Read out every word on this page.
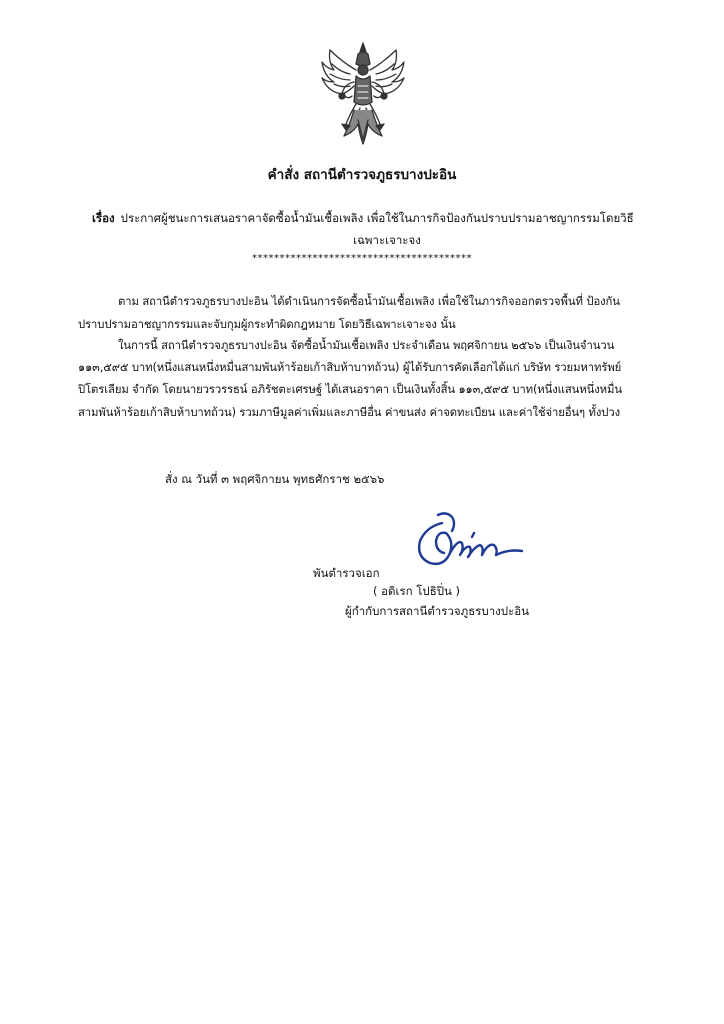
คำสั่ง สถานีตำรวจภูธรบางปะอิน
เรื่อง ประกาศผู้ชนะการเสนอราคาจัดซื้อน้ำมันเชื้อเพลิง เพื่อใช้ในภารกิจป้องกันปราบปรามอาชญากรรมโดยวิธี
เฉพาะเจาะจง
****************************************
ตาม สถานีตำรวจภูธรบางปะอิน ได้ดำเนินการจัดซื้อน้ำมันเชื้อเพลิง เพื่อใช้ในภารกิจออกตรวจพื้นที่ ป้องกัน
ปราบปรามอาชญากรรมและจับกุมผู้กระทำผิดกฎหมาย โดยวิธีเฉพาะเจาะจง นั้น
ในการนี้ สถานีตำรวจภูธรบางปะอิน จัดซื้อน้ำมันเชื้อเพลิง ประจำเดือน พฤศจิกายน ๒๕๖๖ เป็นเงินจำนวน
๑๑๓,๕๙๕ บาท(หนึ่งแสนหนึ่งหมื่นสามพันห้าร้อยเก้าสิบห้าบาทถ้วน) ผู้ได้รับการคัดเลือกได้แก่ บริษัท รวยมหาทรัพย์
ปิโตรเลียม จำกัด โดยนายวรวรรธน์ อภิรัชตะเศรษฐ์ ได้เสนอราคา เป็นเงินทั้งสิ้น ๑๑๓,๕๙๕ บาท(หนึ่งแสนหนึ่งหมื่น
สามพันห้าร้อยเก้าสิบห้าบาทถ้วน) รวมภาษีมูลค่าเพิ่มและภาษีอื่น ค่าขนส่ง ค่าจดทะเบียน และค่าใช้จ่ายอื่นๆ ทั้งปวง
สั่ง ณ วันที่ ๓ พฤศจิกายน พุทธศักราช ๒๕๖๖
พันตำรวจเอก
( อดิเรก โปธิปิ่น )
ผู้กำกับการสถานีตำรวจภูธรบางปะอิน
